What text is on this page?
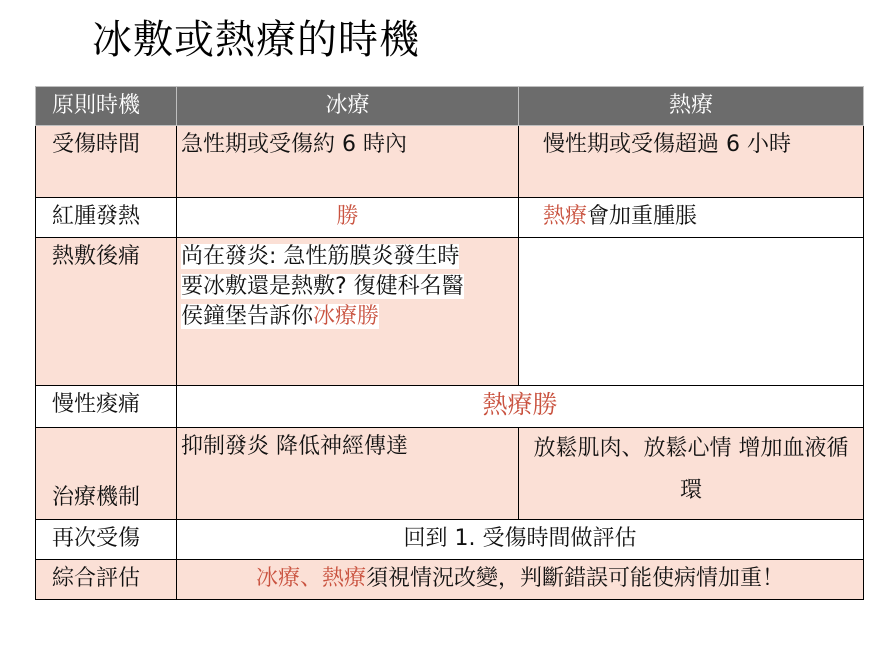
冰敷或熱療的時機
原則時機	冰療	熱療
受傷時間	急性期或受傷約 6 時內	慢性期或受傷超過 6 小時
紅腫發熱	勝	熱療會加重腫脹
熱敷後痛	尚在發炎: 急性筋膜炎發生時要冰敷還是熱敷? 復健科名醫侯鐘堡告訴你冰療勝	
慢性痠痛	熱療勝	
治療機制	抑制發炎 降低神經傳達	放鬆肌肉、放鬆心情 增加血液循環
再次受傷	回到 1. 受傷時間做評估	
綜合評估	冰療、熱療須視情況改變，判斷錯誤可能使病情加重！	
